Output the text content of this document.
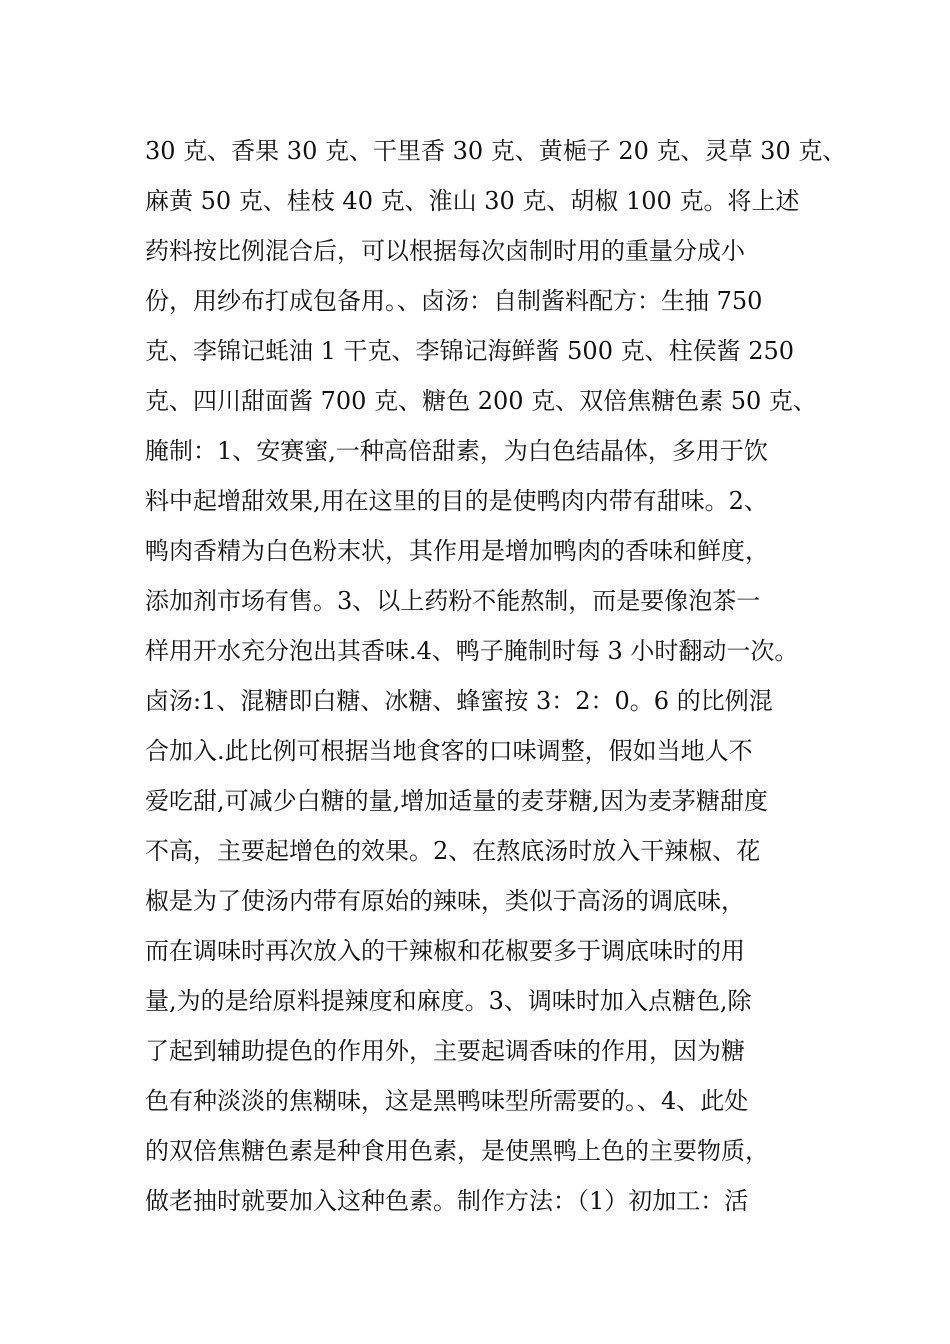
30 克、香果 30 克、干里香 30 克、黄梔子 20 克、灵草 30 克、
麻黄 50 克、桂枝 40 克、淮山 30 克、胡椒 100 克。将上述
药料按比例混合后，可以根据每次卤制时用的重量分成小
份，用纱布打成包备用。、卤汤：自制酱料配方：生抽 750
克、李锦记蚝油 1 干克、李锦记海鲜酱 500 克、柱侯酱 250
克、四川甜面酱 700 克、糖色 200 克、双倍焦糖色素 50 克、
腌制：1、安赛蜜,一种高倍甜素，为白色结晶体，多用于饮
料中起增甜效果,用在这里的目的是使鸭肉内带有甜味。2、
鸭肉香精为白色粉末状，其作用是增加鸭肉的香味和鲜度，
添加剂市场有售。3、以上药粉不能熬制，而是要像泡茶一
样用开水充分泡出其香味.4、鸭子腌制时每 3 小时翻动一次。
卤汤:1、混糖即白糖、冰糖、蜂蜜按 3：2：0。6 的比例混
合加入.此比例可根据当地食客的口味调整，假如当地人不
爱吃甜,可减少白糖的量,增加适量的麦芽糖,因为麦茅糖甜度
不高，主要起增色的效果。2、在熬底汤时放入干辣椒、花
椒是为了使汤内带有原始的辣味，类似于高汤的调底味，
而在调味时再次放入的干辣椒和花椒要多于调底味时的用
量,为的是给原料提辣度和麻度。3、调味时加入点糖色,除
了起到辅助提色的作用外，主要起调香味的作用，因为糖
色有种淡淡的焦糊味，这是黑鸭味型所需要的。、4、此处
的双倍焦糖色素是种食用色素，是使黑鸭上色的主要物质，
做老抽时就要加入这种色素。制作方法：（1）初加工：活
